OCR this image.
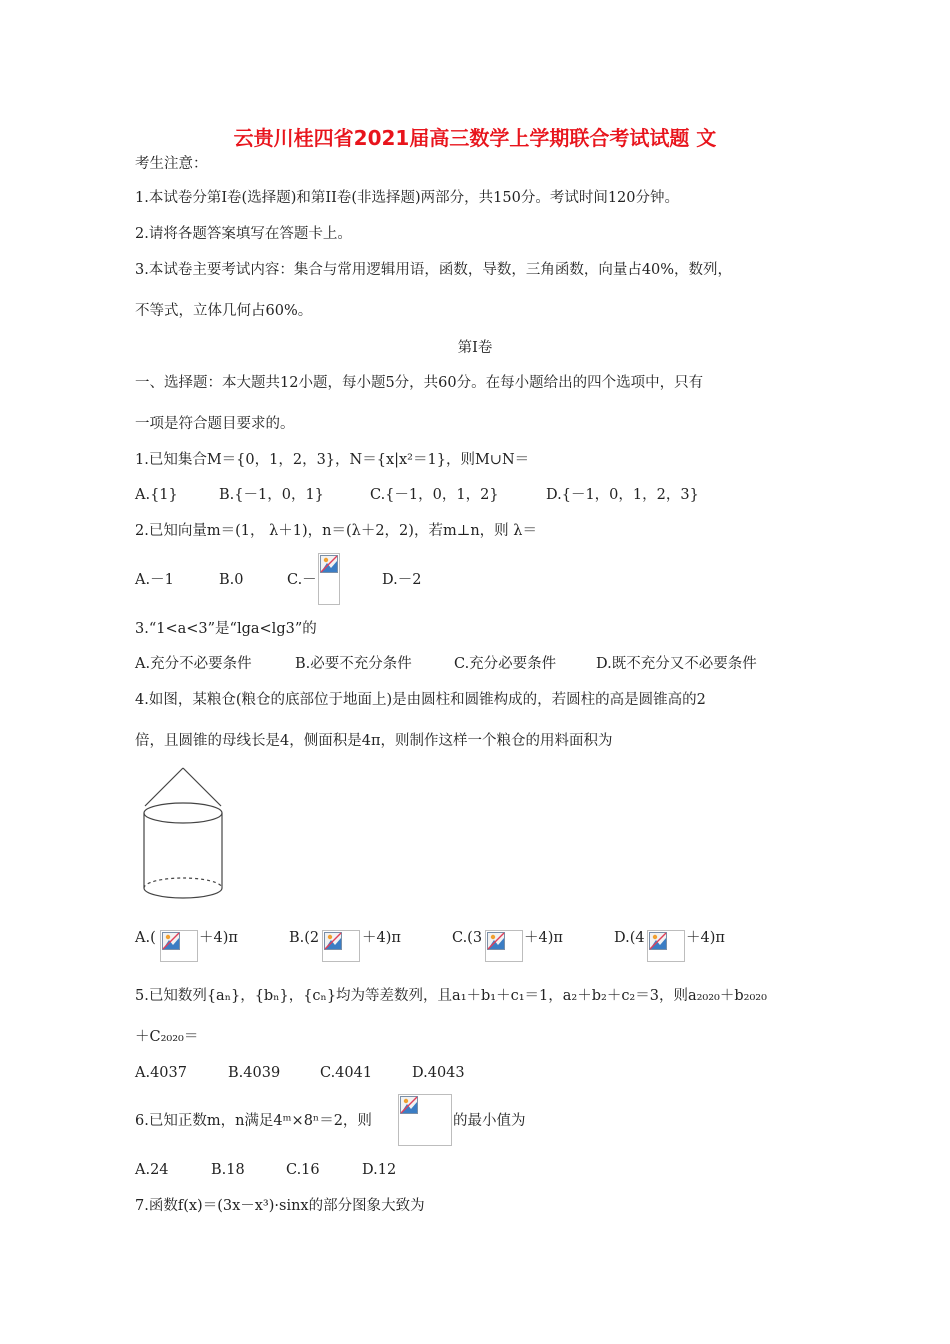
云贵川桂四省2021届高三数学上学期联合考试试题 文
考生注意：
1.本试卷分第Ⅰ卷(选择题)和第II卷(非选择题)两部分，共150分。考试时间120分钟。
2.请将各题答案填写在答题卡上。
3.本试卷主要考试内容：集合与常用逻辑用语，函数，导数，三角函数，向量占40%，数列，
不等式，立体几何占60%。
第Ⅰ卷
一、选择题：本大题共12小题，每小题5分，共60分。在每小题给出的四个选项中，只有
一项是符合题目要求的。
1.已知集合M＝{0，1，2，3}，N＝{x|x²＝1}，则M∪N＝
A.{1}	B.{－1，0，1}	C.{－1，0，1，2}	D.{－1，0，1，2，3}
2.已知向量m＝(1， λ＋1)，n＝(λ＋2，2)，若m⊥n，则 λ＝
A.－1	B.0	C.－	D.－2
3.“1<a<3”是“lga<lg3”的
A.充分不必要条件	B.必要不充分条件	C.充分必要条件	D.既不充分又不必要条件
4.如图，某粮仓(粮仓的底部位于地面上)是由圆柱和圆锥构成的，若圆柱的高是圆锥高的2
倍，且圆锥的母线长是4，侧面积是4π，则制作这样一个粮仓的用料面积为
A.(	＋4)π	B.(2	＋4)π	C.(3	＋4)π	D.(4	＋4)π
5.已知数列{aₙ}，{bₙ}，{cₙ}均为等差数列，且a₁＋b₁＋c₁＝1，a₂＋b₂＋c₂＝3，则a₂₀₂₀＋b₂₀₂₀
＋C₂₀₂₀＝
A.4037	B.4039	C.4041	D.4043
6.已知正数m，n满足4ᵐ×8ⁿ＝2，则	的最小值为
A.24	B.18	C.16	D.12
7.函数f(x)＝(3x－x³)·sinx的部分图象大致为
